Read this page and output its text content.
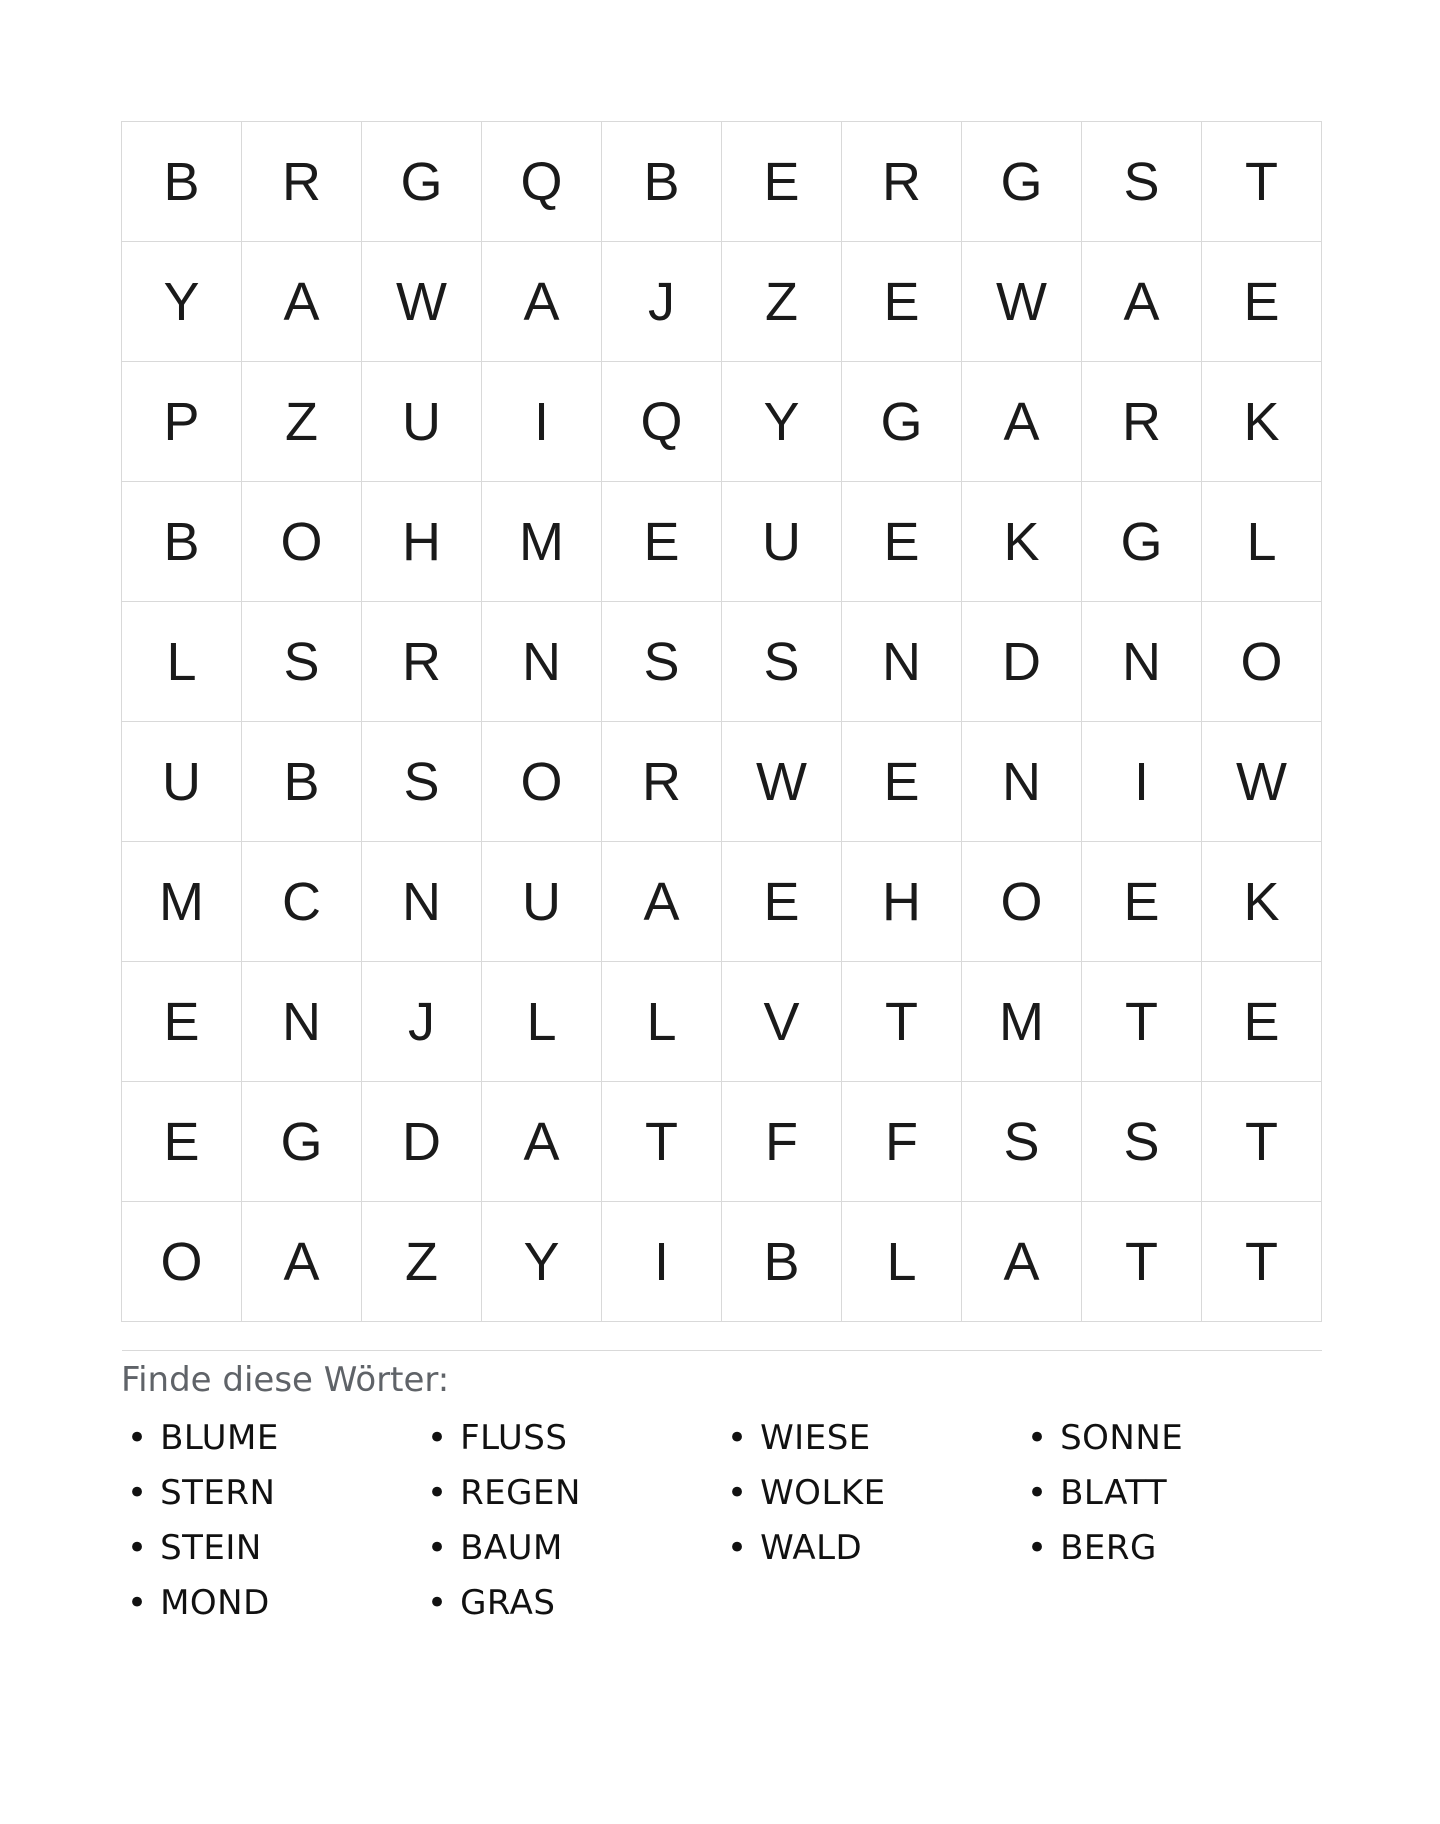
B	R	G	Q	B	E	R	G	S	T
Y	A	W	A	J	Z	E	W	A	E
P	Z	U	I	Q	Y	G	A	R	K
B	O	H	M	E	U	E	K	G	L
L	S	R	N	S	S	N	D	N	O
U	B	S	O	R	W	E	N	I	W
M	C	N	U	A	E	H	O	E	K
E	N	J	L	L	V	T	M	T	E
E	G	D	A	T	F	F	S	S	T
O	A	Z	Y	I	B	L	A	T	T
Finde diese Wörter:
• BLUME
• STERN
• STEIN
• MOND
• FLUSS
• REGEN
• BAUM
• GRAS
• WIESE
• WOLKE
• WALD
• SONNE
• BLATT
• BERG
